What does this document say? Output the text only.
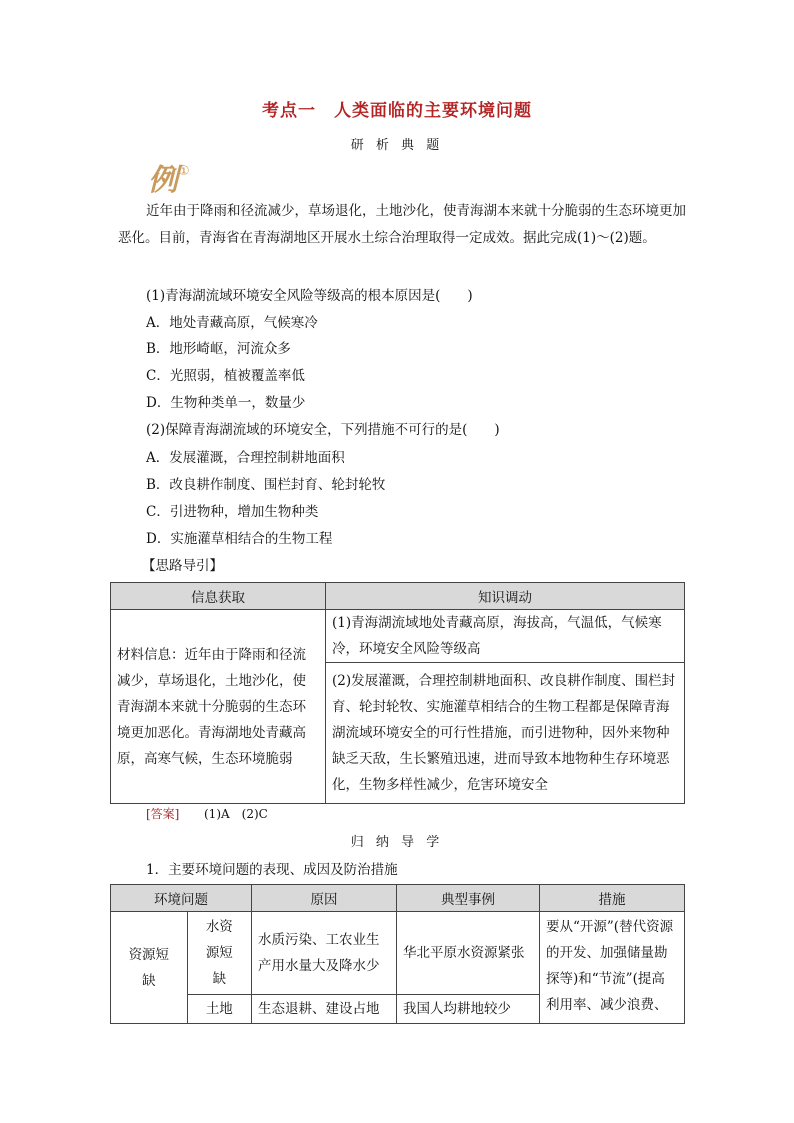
考点一　人类面临的主要环境问题
研 析 典 题
例①
近年由于降雨和径流减少，草场退化，土地沙化，使青海湖本来就十分脆弱的生态环境更加恶化。目前，青海省在青海湖地区开展水土综合治理取得一定成效。据此完成(1)～(2)题。
(1)青海湖流域环境安全风险等级高的根本原因是(　　)
A．地处青藏高原，气候寒冷
B．地形崎岖，河流众多
C．光照弱，植被覆盖率低
D．生物种类单一，数量少
(2)保障青海湖流域的环境安全，下列措施不可行的是(　　)
A．发展灌溉，合理控制耕地面积
B．改良耕作制度、围栏封育、轮封轮牧
C．引进物种，增加生物种类
D．实施灌草相结合的生物工程
【思路导引】
信息获取	知识调动
材料信息：近年由于降雨和径流减少，草场退化，土地沙化，使青海湖本来就十分脆弱的生态环境更加恶化。青海湖地处青藏高原，高寒气候，生态环境脆弱	(1)青海湖流域地处青藏高原，海拔高，气温低，气候寒冷，环境安全风险等级高
	(2)发展灌溉，合理控制耕地面积、改良耕作制度、围栏封育、轮封轮牧、实施灌草相结合的生物工程都是保障青海湖流域环境安全的可行性措施，而引进物种，因外来物种缺乏天敌，生长繁殖迅速，进而导致本地物种生存环境恶化，生物多样性减少，危害环境安全
[答案] (1)A　(2)C
归 纳 导 学
1．主要环境问题的表现、成因及防治措施
环境问题		原因	典型事例	措施
资源短缺	水资源短缺	水质污染、工农业生产用水量大及降水少	华北平原水资源紧张	要从“开源”(替代资源的开发、加强储量勘探等)和“节流”(提高利用率、减少浪费、
	土地	生态退耕、建设占地	我国人均耕地较少	
